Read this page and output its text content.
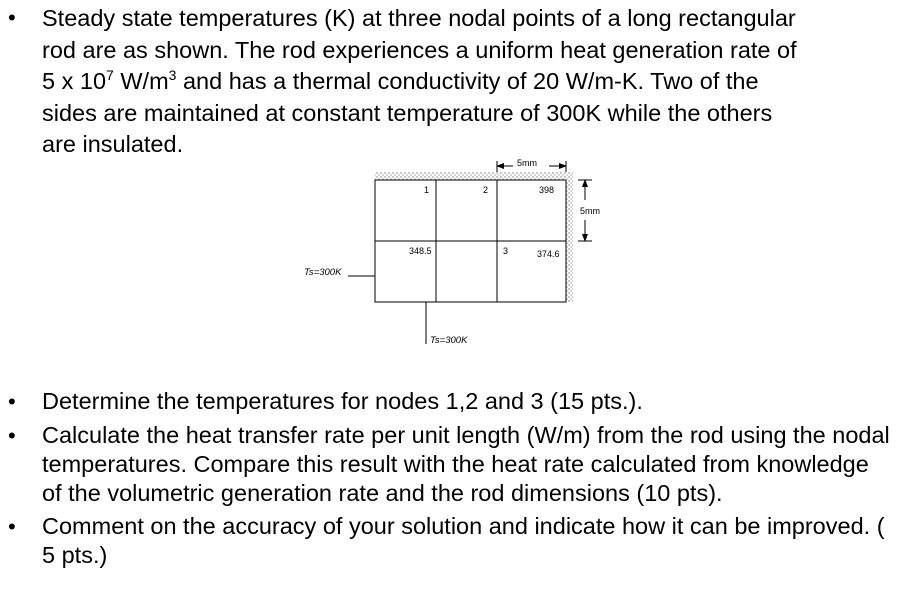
• Steady state temperatures (K) at three nodal points of a long rectangular
rod are as shown. The rod experiences a uniform heat generation rate of
5 x $10^7$ $W/m^3$ and has a thermal conductivity of 20 W/m-K. Two of the
sides are maintained at constant temperature of 300K while the others
are insulated.
1	2
3
398
348.5	374.6
5mm
5mm
Ts=300K
Ts=300K
• Determine the temperatures for nodes 1,2 and 3 (15 pts.).
• Calculate the heat transfer rate per unit length (W/m) from the rod using the nodal
temperatures. Compare this result with the heat rate calculated from knowledge
of the volumetric generation rate and the rod dimensions (10 pts).
• Comment on the accuracy of your solution and indicate how it can be improved. (
5 pts.)
